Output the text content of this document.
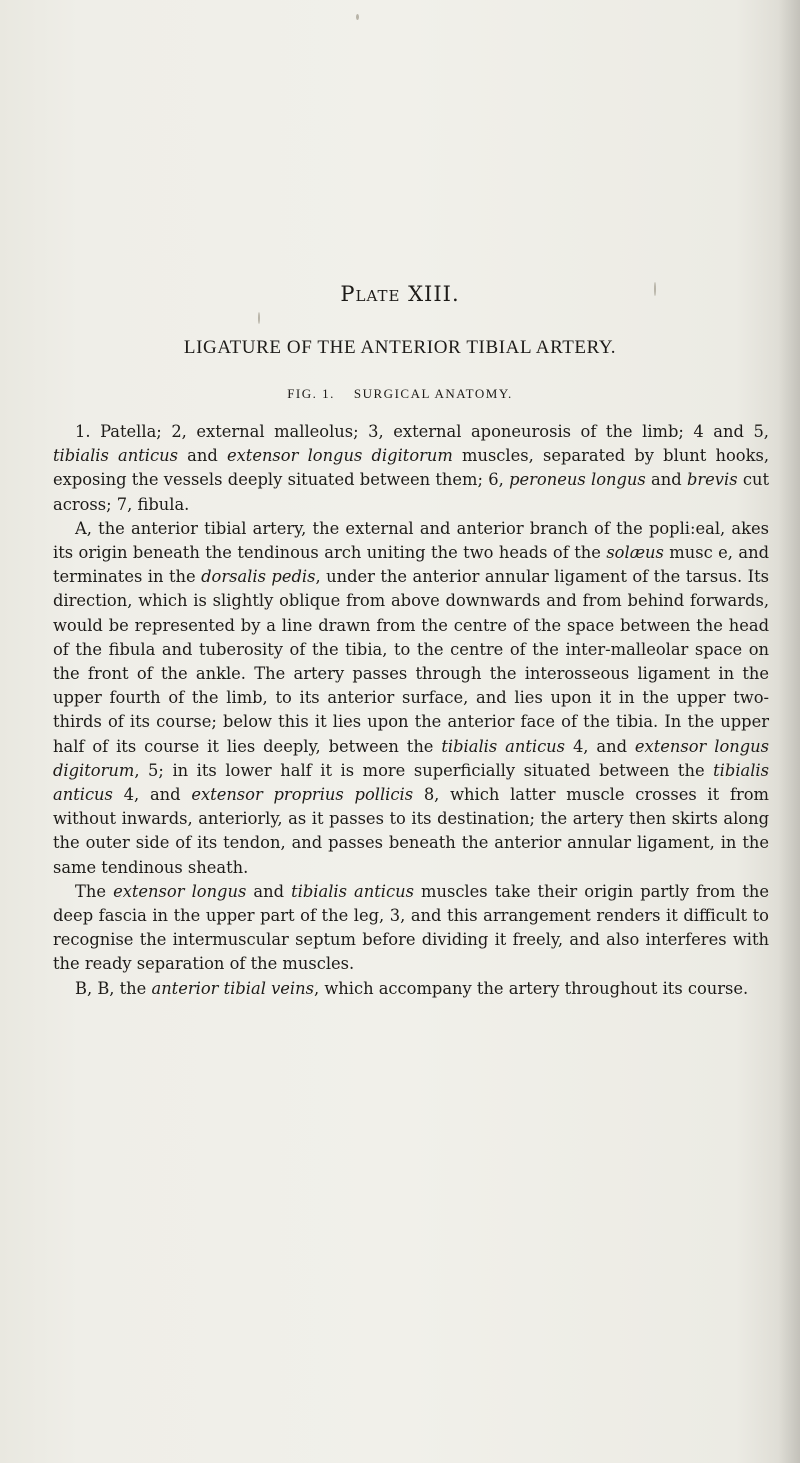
Plate XIII.
LIGATURE OF THE ANTERIOR TIBIAL ARTERY.
FIG. 1. SURGICAL ANATOMY.

1. Patella; 2, external malleolus; 3, external aponeurosis of the limb; 4 and 5, tibialis anticus and extensor longus digitorum muscles, separated by blunt hooks, exposing the vessels deeply situated between them; 6, peroneus longus and brevis cut across; 7, fibula.

A, the anterior tibial artery, the external and anterior branch of the popli:eal, akes its origin beneath the tendinous arch uniting the two heads of the solæus musc e, and terminates in the dorsalis pedis, under the anterior annular ligament of the tarsus. Its direction, which is slightly oblique from above downwards and from behind forwards, would be represented by a line drawn from the centre of the space between the head of the fibula and tuberosity of the tibia, to the centre of the inter-malleolar space on the front of the ankle. The artery passes through the interosseous ligament in the upper fourth of the limb, to its anterior surface, and lies upon it in the upper two-thirds of its course; below this it lies upon the anterior face of the tibia. In the upper half of its course it lies deeply, between the tibialis anticus 4, and extensor longus digitorum, 5; in its lower half it is more superficially situated between the tibialis anticus 4, and extensor proprius pollicis 8, which latter muscle crosses it from without inwards, anteriorly, as it passes to its destination; the artery then skirts along the outer side of its tendon, and passes beneath the anterior annular ligament, in the same tendinous sheath.

The extensor longus and tibialis anticus muscles take their origin partly from the deep fascia in the upper part of the leg, 3, and this arrangement renders it difficult to recognise the intermuscular septum before dividing it freely, and also interferes with the ready separation of the muscles.

B, B, the anterior tibial veins, which accompany the artery throughout its course.
